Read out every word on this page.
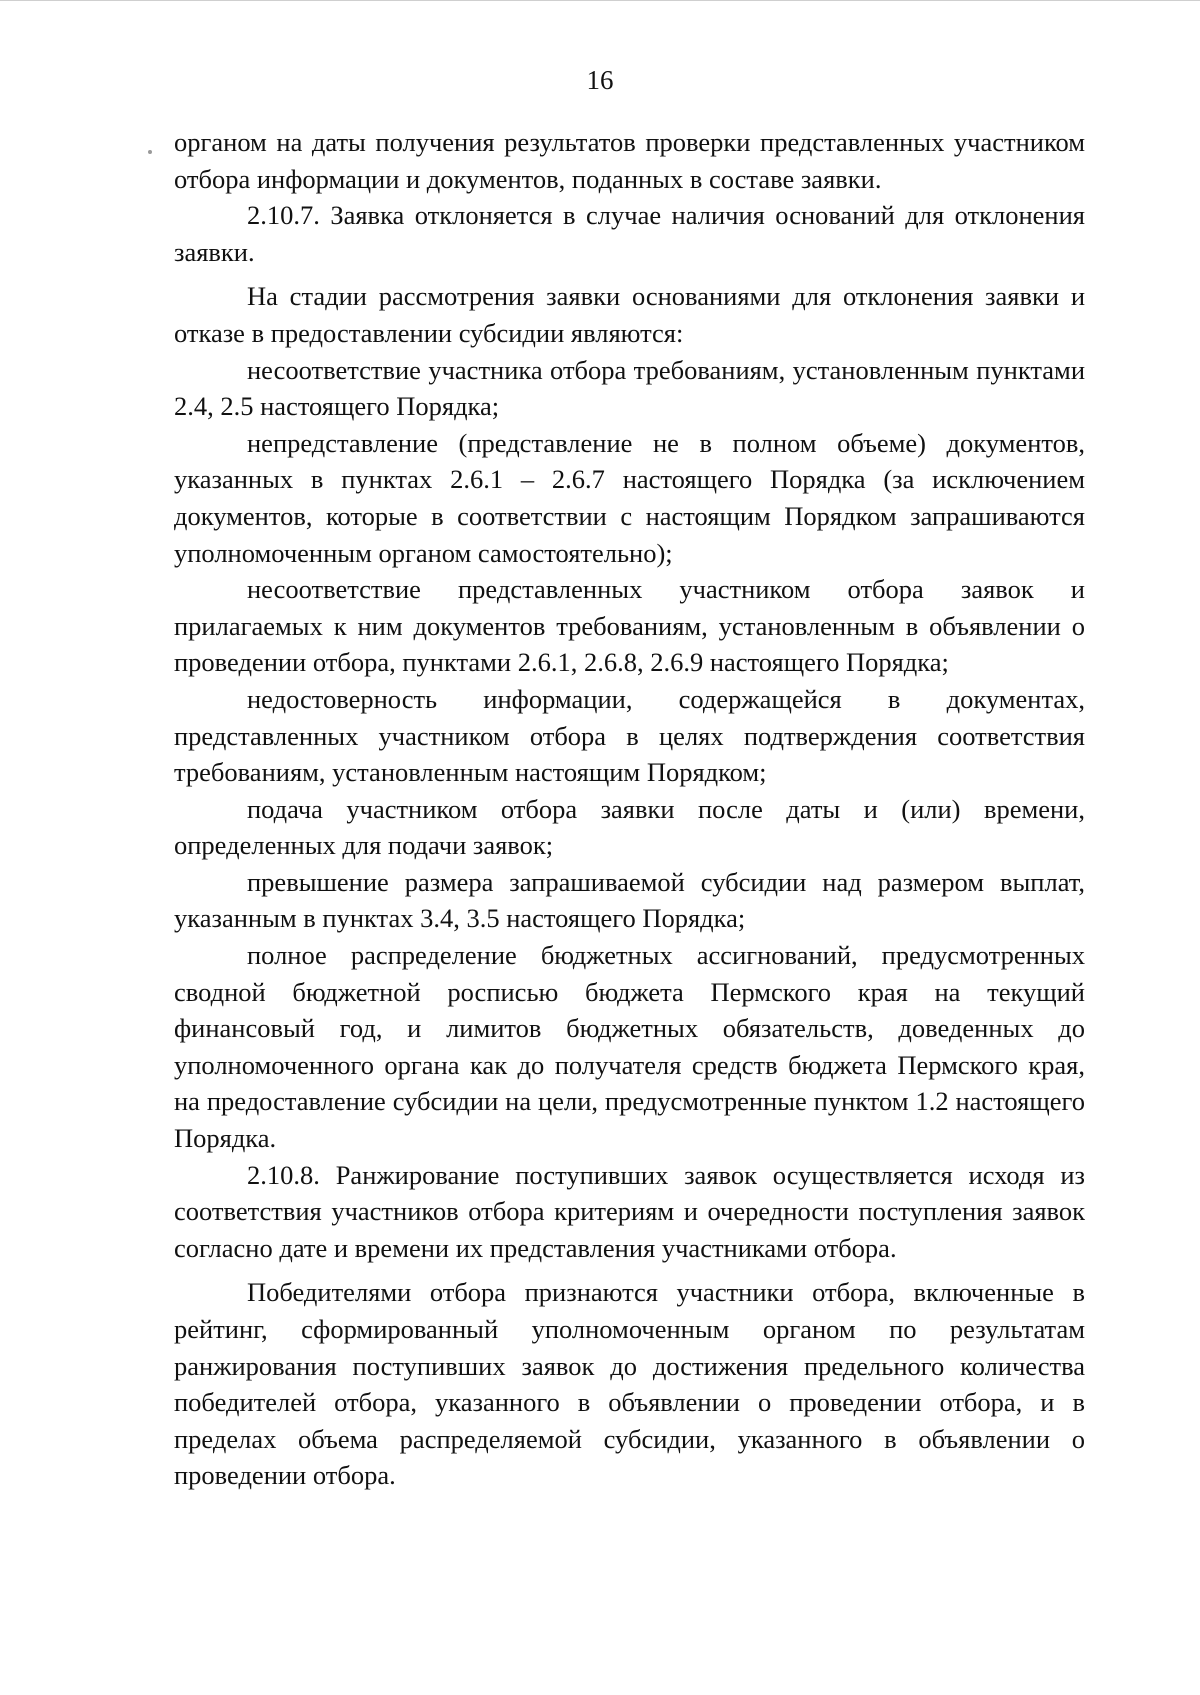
16

органом на даты получения результатов проверки представленных участником отбора информации и документов, поданных в составе заявки.

2.10.7. Заявка отклоняется в случае наличия оснований для отклонения заявки.

На стадии рассмотрения заявки основаниями для отклонения заявки и отказе в предоставлении субсидии являются:

несоответствие участника отбора требованиям, установленным пунктами 2.4, 2.5 настоящего Порядка;

непредставление (представление не в полном объеме) документов, указанных в пунктах 2.6.1 – 2.6.7 настоящего Порядка (за исключением документов, которые в соответствии с настоящим Порядком запрашиваются уполномоченным органом самостоятельно);

несоответствие представленных участником отбора заявок и прилагаемых к ним документов требованиям, установленным в объявлении о проведении отбора, пунктами 2.6.1, 2.6.8, 2.6.9 настоящего Порядка;

недостоверность информации, содержащейся в документах, представленных участником отбора в целях подтверждения соответствия требованиям, установленным настоящим Порядком;

подача участником отбора заявки после даты и (или) времени, определенных для подачи заявок;

превышение размера запрашиваемой субсидии над размером выплат, указанным в пунктах 3.4, 3.5 настоящего Порядка;

полное распределение бюджетных ассигнований, предусмотренных сводной бюджетной росписью бюджета Пермского края на текущий финансовый год, и лимитов бюджетных обязательств, доведенных до уполномоченного органа как до получателя средств бюджета Пермского края, на предоставление субсидии на цели, предусмотренные пунктом 1.2 настоящего Порядка.

2.10.8. Ранжирование поступивших заявок осуществляется исходя из соответствия участников отбора критериям и очередности поступления заявок согласно дате и времени их представления участниками отбора.

Победителями отбора признаются участники отбора, включенные в рейтинг, сформированный уполномоченным органом по результатам ранжирования поступивших заявок до достижения предельного количества победителей отбора, указанного в объявлении о проведении отбора, и в пределах объема распределяемой субсидии, указанного в объявлении о проведении отбора.
